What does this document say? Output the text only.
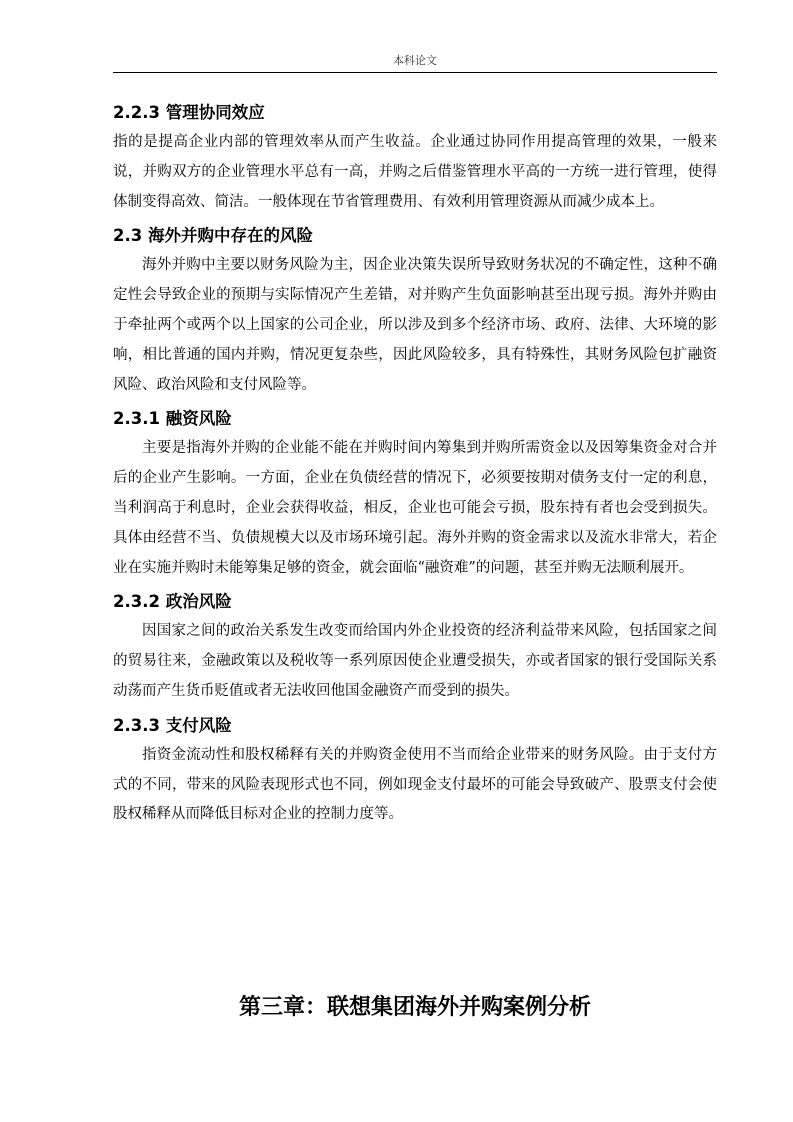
本科论文
2.2.3 管理协同效应

指的是提高企业内部的管理效率从而产生收益。企业通过协同作用提高管理的效果，一般来说，并购双方的企业管理水平总有一高，并购之后借鉴管理水平高的一方统一进行管理，使得体制变得高效、简洁。一般体现在节省管理费用、有效利用管理资源从而减少成本上。

2.3 海外并购中存在的风险

海外并购中主要以财务风险为主，因企业决策失误所导致财务状况的不确定性，这种不确定性会导致企业的预期与实际情况产生差错，对并购产生负面影响甚至出现亏损。海外并购由于牵扯两个或两个以上国家的公司企业，所以涉及到多个经济市场、政府、法律、大环境的影响，相比普通的国内并购，情况更复杂些，因此风险较多，具有特殊性，其财务风险包扩融资风险、政治风险和支付风险等。

2.3.1 融资风险

主要是指海外并购的企业能不能在并购时间内筹集到并购所需资金以及因筹集资金对合并后的企业产生影响。一方面，企业在负债经营的情况下，必须要按期对债务支付一定的利息，当利润高于利息时，企业会获得收益，相反，企业也可能会亏损，股东持有者也会受到损失。具体由经营不当、负债规模大以及市场环境引起。海外并购的资金需求以及流水非常大，若企业在实施并购时未能筹集足够的资金，就会面临“融资难”的问题，甚至并购无法顺利展开。

2.3.2 政治风险

因国家之间的政治关系发生改变而给国内外企业投资的经济利益带来风险，包括国家之间的贸易往来，金融政策以及税收等一系列原因使企业遭受损失，亦或者国家的银行受国际关系动荡而产生货币贬值或者无法收回他国金融资产而受到的损失。

2.3.3 支付风险

指资金流动性和股权稀释有关的并购资金使用不当而给企业带来的财务风险。由于支付方式的不同，带来的风险表现形式也不同，例如现金支付最坏的可能会导致破产、股票支付会使股权稀释从而降低目标对企业的控制力度等。

第三章：联想集团海外并购案例分析
